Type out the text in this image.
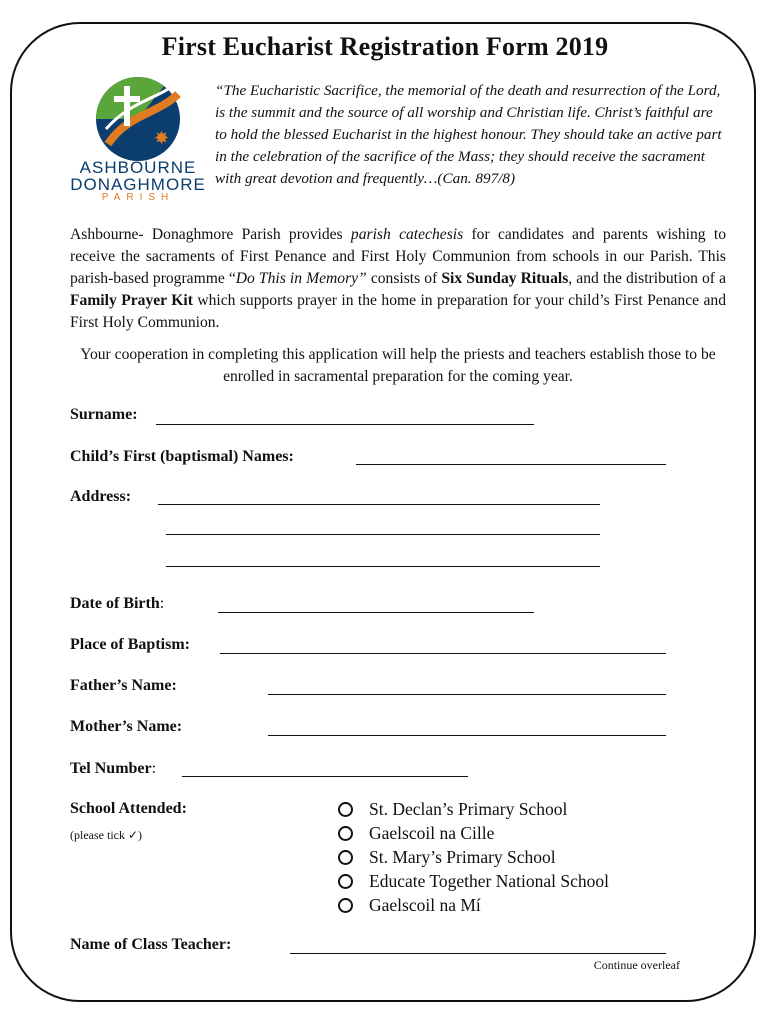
First Eucharist Registration Form 2019
✸
ASHBOURNE
DONAGHMORE
PARISH
“The Eucharistic Sacrifice, the memorial of the death and resurrection of the Lord, is the summit and the source of all worship and Christian life. Christ’s faithful are to hold the blessed Eucharist in the highest honour. They should take an active part in the celebration of the sacrifice of the Mass; they should receive the sacrament with great devotion and frequently…(Can. 897/8)
Ashbourne- Donaghmore Parish provides parish catechesis for candidates and parents wishing to receive the sacraments of First Penance and First Holy Communion from schools in our Parish. This parish-based programme “Do This in Memory” consists of Six Sunday Rituals, and the distribution of a Family Prayer Kit which supports prayer in the home in preparation for your child’s First Penance and First Holy Communion.
Your cooperation in completing this application will help the priests and teachers establish those to be enrolled in sacramental preparation for the coming year.
Surname:
Child’s First (baptismal) Names:
Address:
Date of Birth:
Place of Baptism:
Father’s Name:
Mother’s Name:
Tel Number:
School Attended:
(please tick ✓)
St. Declan’s Primary School
Gaelscoil na Cille
St. Mary’s Primary School
Educate Together National School
Gaelscoil na Mí
Name of Class Teacher:
Continue overleaf
